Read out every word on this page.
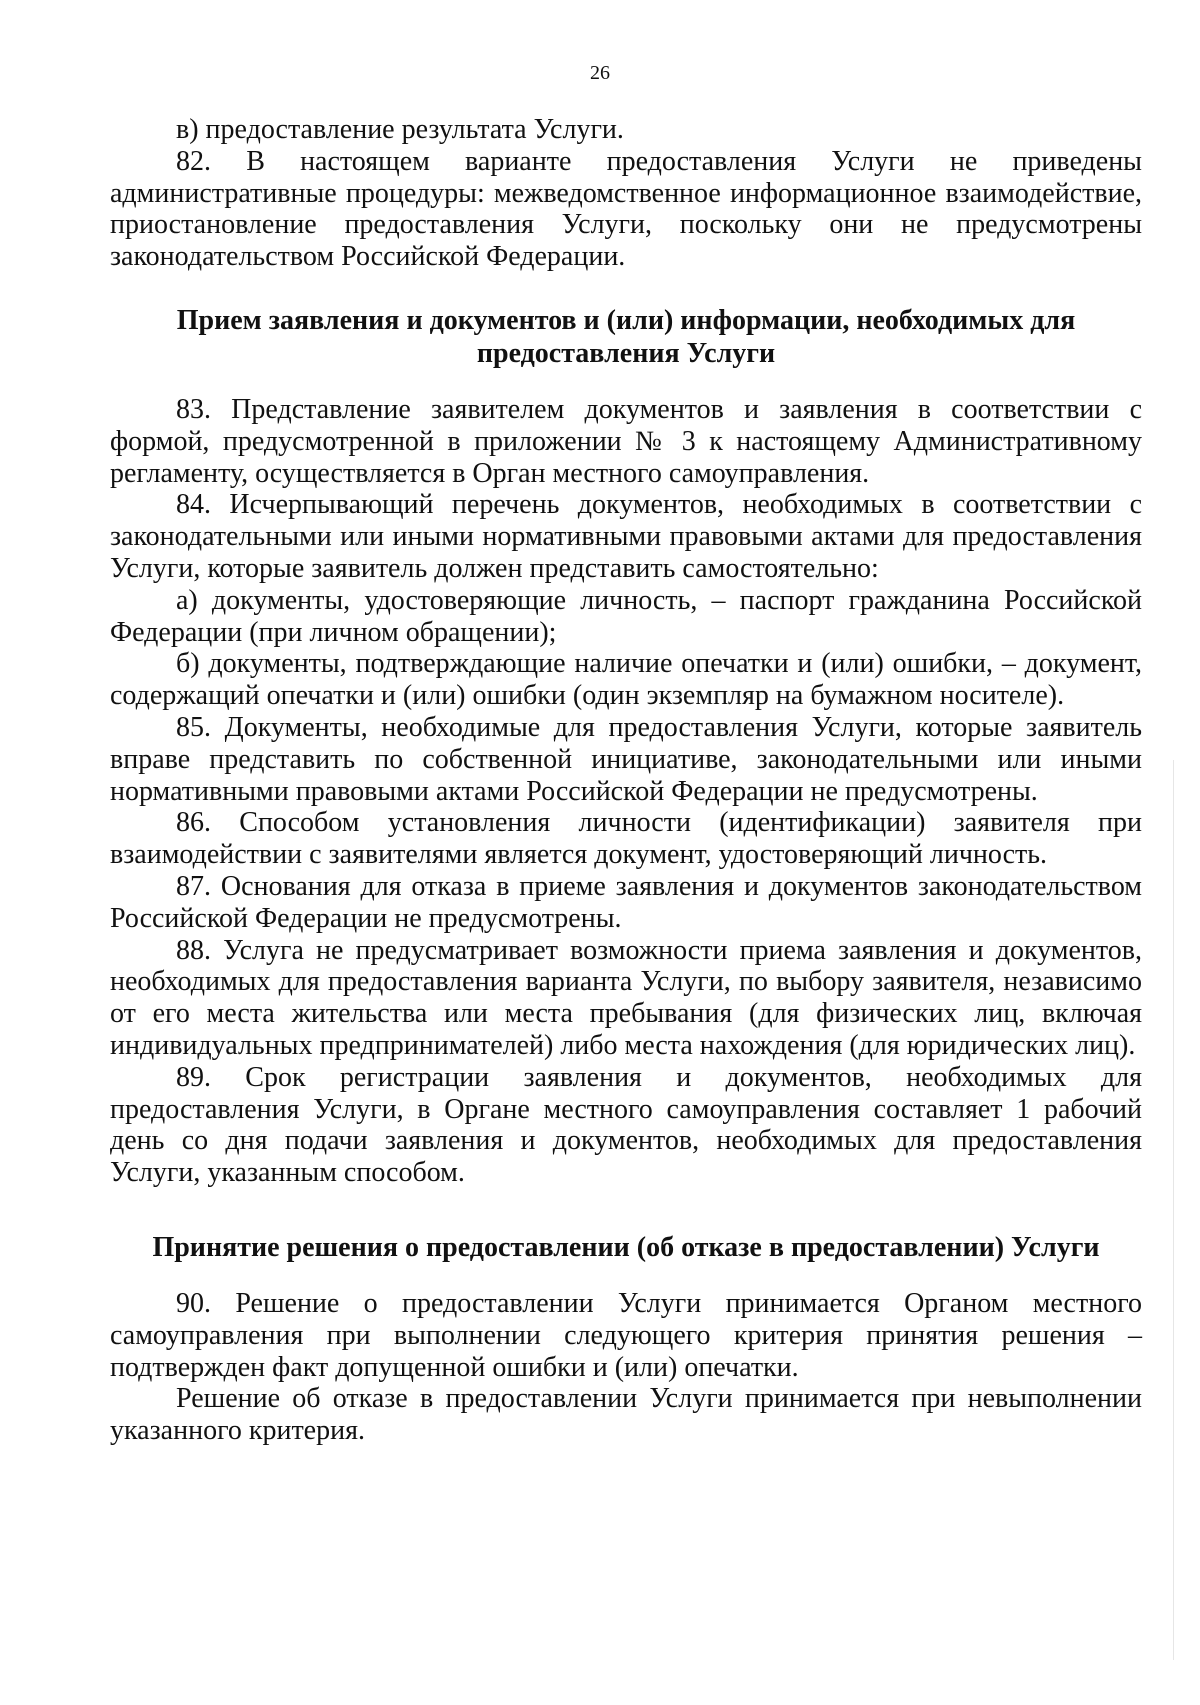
26

в) предоставление результата Услуги.

82. В настоящем варианте предоставления Услуги не приведены административные процедуры: межведомственное информационное взаимодействие, приостановление предоставления Услуги, поскольку они не предусмотрены законодательством Российской Федерации.

Прием заявления и документов и (или) информации, необходимых для предоставления Услуги

83. Представление заявителем документов и заявления в соответствии с формой, предусмотренной в приложении № 3 к настоящему Административному регламенту, осуществляется в Орган местного самоуправления.

84. Исчерпывающий перечень документов, необходимых в соответствии с законодательными или иными нормативными правовыми актами для предоставления Услуги, которые заявитель должен представить самостоятельно:

а) документы, удостоверяющие личность, – паспорт гражданина Российской Федерации (при личном обращении);

б) документы, подтверждающие наличие опечатки и (или) ошибки, – документ, содержащий опечатки и (или) ошибки (один экземпляр на бумажном носителе).

85. Документы, необходимые для предоставления Услуги, которые заявитель вправе представить по собственной инициативе, законодательными или иными нормативными правовыми актами Российской Федерации не предусмотрены.

86. Способом установления личности (идентификации) заявителя при взаимодействии с заявителями является документ, удостоверяющий личность.

87. Основания для отказа в приеме заявления и документов законодательством Российской Федерации не предусмотрены.

88. Услуга не предусматривает возможности приема заявления и документов, необходимых для предоставления варианта Услуги, по выбору заявителя, независимо от его места жительства или места пребывания (для физических лиц, включая индивидуальных предпринимателей) либо места нахождения (для юридических лиц).

89. Срок регистрации заявления и документов, необходимых для предоставления Услуги, в Органе местного самоуправления составляет 1 рабочий день со дня подачи заявления и документов, необходимых для предоставления Услуги, указанным способом.

Принятие решения о предоставлении (об отказе в предоставлении) Услуги

90. Решение о предоставлении Услуги принимается Органом местного самоуправления при выполнении следующего критерия принятия решения – подтвержден факт допущенной ошибки и (или) опечатки.

Решение об отказе в предоставлении Услуги принимается при невыполнении указанного критерия.
